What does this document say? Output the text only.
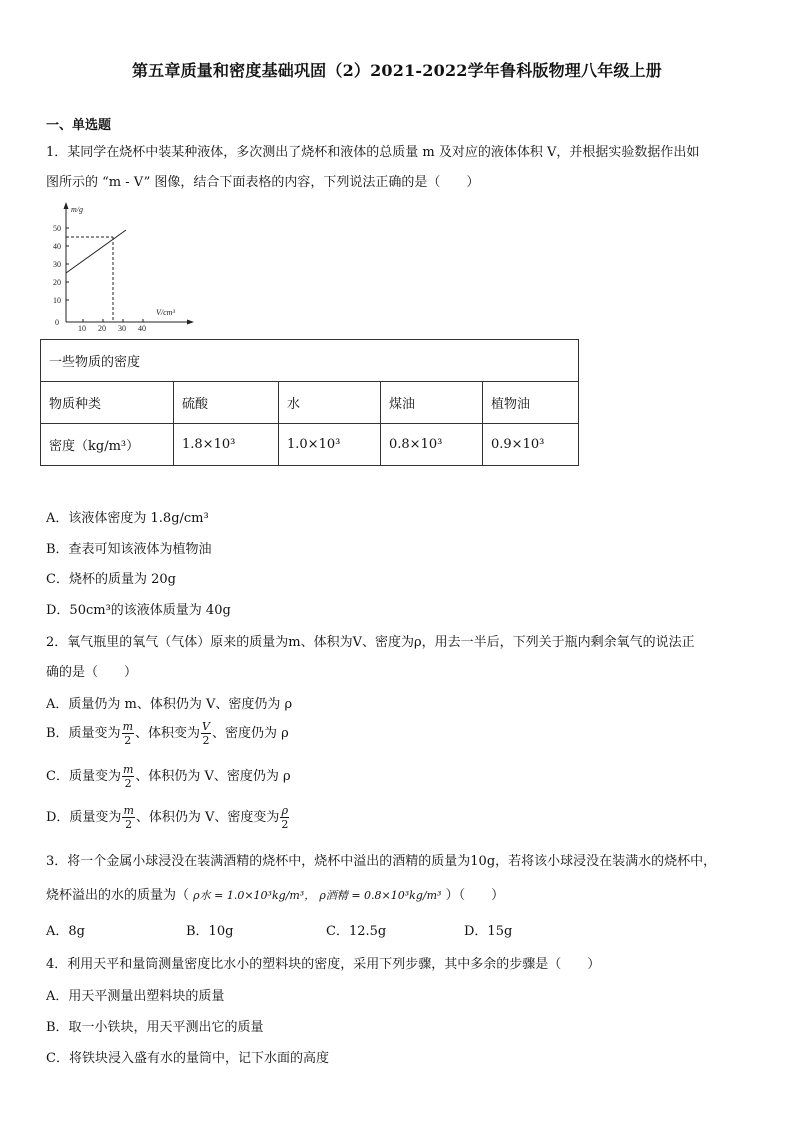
第五章质量和密度基础巩固（2）2021-2022学年鲁科版物理八年级上册
一、单选题
1．某同学在烧杯中装某种液体，多次测出了烧杯和液体的总质量 m 及对应的液体体积 V，并根据实验数据作出如
图所示的 “m - V” 图像，结合下面表格的内容，下列说法正确的是（　　）
m/g
V/cm³
50
40
30
20
10
0
10 20 30 40
一些物质的密度				
物质种类	硫酸	水	煤油	植物油
密度（kg/m³）	1.8×10³	1.0×10³	0.8×10³	0.9×10³
A．该液体密度为 1.8g/cm³
B．查表可知该液体为植物油
C．烧杯的质量为 20g
D．50cm³的该液体质量为 40g
2．氧气瓶里的氧气（气体）原来的质量为m、体积为V、密度为ρ，用去一半后，下列关于瓶内剩余氧气的说法正
确的是（　　）
A．质量仍为 m、体积仍为 V、密度仍为 ρ
B．质量变为 $\frac{m}{2}$ 、体积变为 $\frac{V}{2}$ 、密度仍为 ρ
C．质量变为 $\frac{m}{2}$ 、体积仍为 V、密度仍为 ρ
D．质量变为 $\frac{m}{2}$ 、体积仍为 V、密度变为 $\frac{\rho}{2}$
3．将一个金属小球浸没在装满酒精的烧杯中，烧杯中溢出的酒精的质量为10g，若将该小球浸没在装满水的烧杯中，
烧杯溢出的水的质量为（ ρ水 = 1.0×10³kg/m³， ρ酒精 = 0.8×10³kg/m³ ）（　　）
A．8g	B．10g	C．12.5g	D．15g
4．利用天平和量筒测量密度比水小的塑料块的密度，采用下列步骤，其中多余的步骤是（　　）
A．用天平测量出塑料块的质量
B．取一小铁块，用天平测出它的质量
C．将铁块浸入盛有水的量筒中，记下水面的高度
